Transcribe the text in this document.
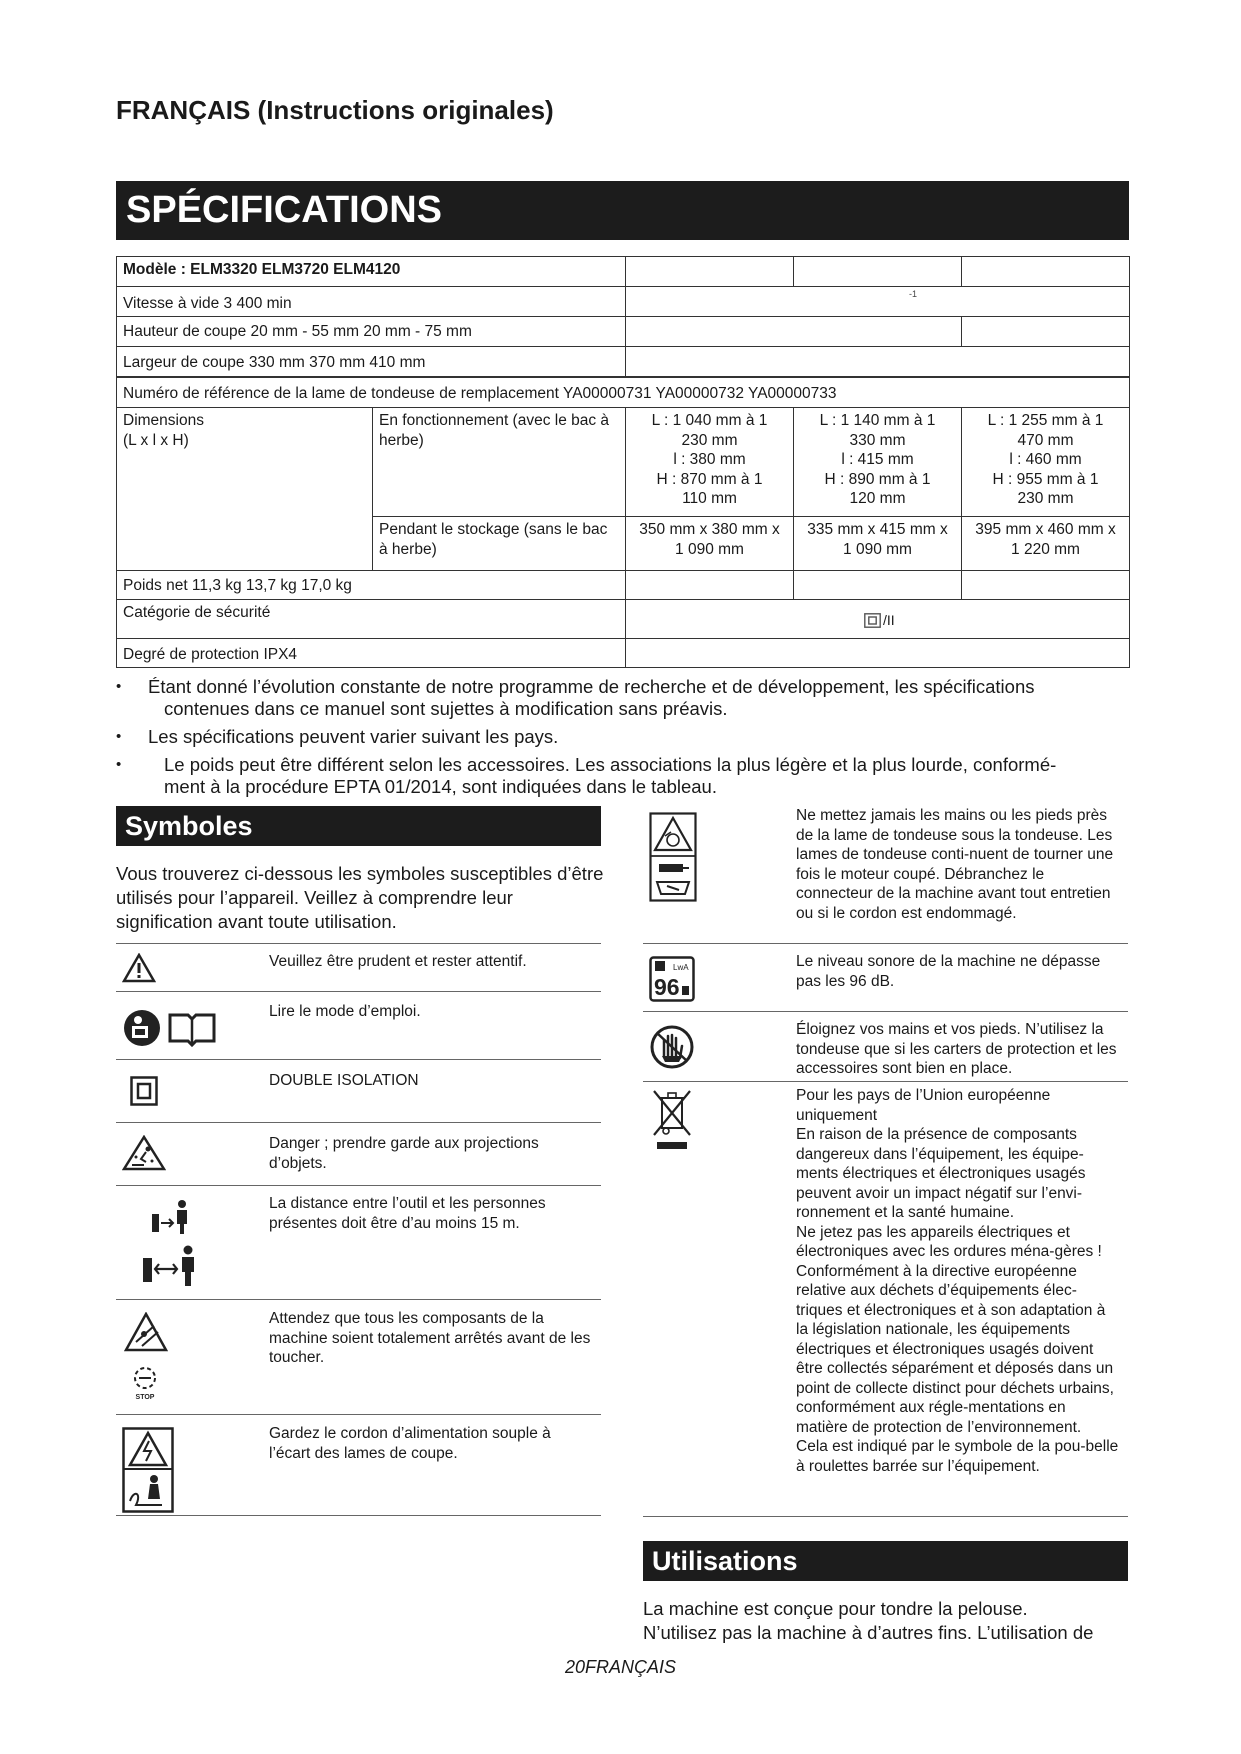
FRANÇAIS (Instructions originales)
SPÉCIFICATIONS
Modèle : ELM3320 ELM3720 ELM4120
Vitesse à vide 3 400 min
-1
Hauteur de coupe 20 mm - 55 mm 20 mm - 75 mm
Largeur de coupe 330 mm 370 mm 410 mm
Numéro de référence de la lame de tondeuse de remplacement YA00000731 YA00000732 YA00000733
Dimensions
(L x l x H)
En fonctionnement (avec le bac à herbe)
L : 1 040 mm à 1
230 mm
l : 380 mm
H : 870 mm à 1
110 mm
L : 1 140 mm à 1
330 mm
l : 415 mm
H : 890 mm à 1
120 mm
L : 1 255 mm à 1
470 mm
l : 460 mm
H : 955 mm à 1
230 mm
Pendant le stockage (sans le bac à herbe)
350 mm x 380 mm x
1 090 mm
335 mm x 415 mm x
1 090 mm
395 mm x 460 mm x
1 220 mm
Poids net 11,3 kg 13,7 kg 17,0 kg
Catégorie de sécurité	/II
Degré de protection IPX4
• Étant donné l’évolution constante de notre programme de recherche et de développement, les spécifications
contenues dans ce manuel sont sujettes à modification sans préavis.
• Les spécifications peuvent varier suivant les pays.
• Le poids peut être différent selon les accessoires. Les associations la plus légère et la plus lourde, conformé-
ment à la procédure EPTA 01/2014, sont indiquées dans le tableau.
Symboles
Vous trouverez ci-dessous les symboles susceptibles d’être utilisés pour l’appareil. Veillez à comprendre leur signification avant toute utilisation.
Veuillez être prudent et rester attentif.
Lire le mode d’emploi.
DOUBLE ISOLATION
Danger ; prendre garde aux projections d’objets.
La distance entre l’outil et les personnes présentes doit être d’au moins 15 m.
STOP
Attendez que tous les composants de la machine soient totalement arrêtés avant de les toucher.
Gardez le cordon d’alimentation souple à l’écart des lames de coupe.
Ne mettez jamais les mains ou les pieds près de la lame de tondeuse sous la tondeuse. Les lames de tondeuse conti-nuent de tourner une fois le moteur coupé. Débranchez le connecteur de la machine avant tout entretien ou si le cordon est endommagé.
LwA
96
Le niveau sonore de la machine ne dépasse pas les 96 dB.
Éloignez vos mains et vos pieds. N’utilisez la tondeuse que si les carters de protection et les accessoires sont bien en place.
Pour les pays de l’Union européenne uniquement
En raison de la présence de composants dangereux dans l’équipement, les équipe-ments électriques et électroniques usagés peuvent avoir un impact négatif sur l’envi-ronnement et la santé humaine.
Ne jetez pas les appareils électriques et électroniques avec les ordures ména-gères !
Conformément à la directive européenne relative aux déchets d’équipements élec-triques et électroniques et à son adaptation à la législation nationale, les équipements électriques et électroniques usagés doivent être collectés séparément et déposés dans un point de collecte distinct pour déchets urbains, conformément aux régle-mentations en matière de protection de l’environnement.
Cela est indiqué par le symbole de la pou-belle à roulettes barrée sur l’équipement.
Utilisations
La machine est conçue pour tondre la pelouse.
N’utilisez pas la machine à d’autres fins. L’utilisation de
20FRANÇAIS
